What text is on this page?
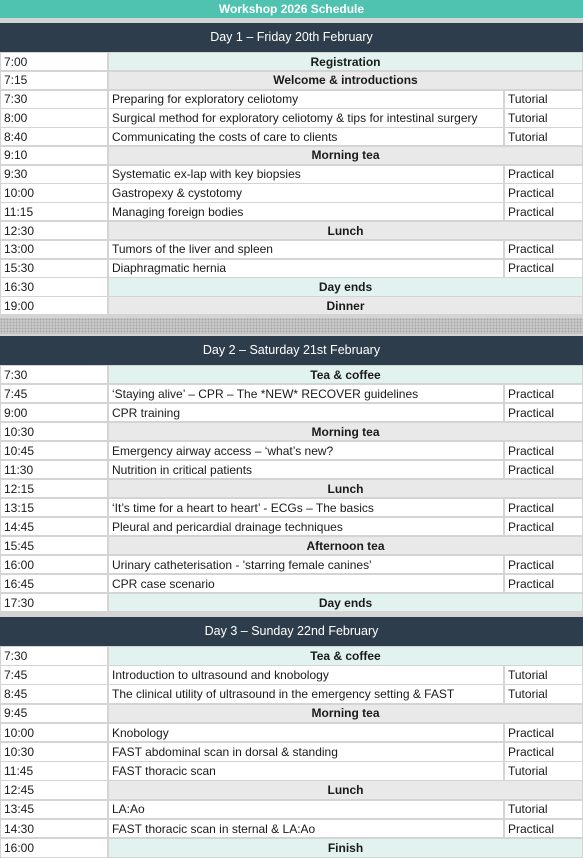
Workshop 2026 Schedule
Day 1 – Friday 20th February
7:00	Registration
7:15	Welcome & introductions
7:30	Preparing for exploratory celiotomy	Tutorial
8:00	Surgical method for exploratory celiotomy & tips for intestinal surgery	Tutorial
8:40	Communicating the costs of care to clients	Tutorial
9:10	Morning tea
9:30	Systematic ex-lap with key biopsies	Practical
10:00	Gastropexy & cystotomy	Practical
11:15	Managing foreign bodies	Practical
12:30	Lunch
13:00	Tumors of the liver and spleen	Practical
15:30	Diaphragmatic hernia	Practical
16:30	Day ends
19:00	Dinner
Day 2 – Saturday 21st February
7:30	Tea & coffee
7:45	‘Staying alive’ – CPR – The *NEW* RECOVER guidelines	Practical
9:00	CPR training	Practical
10:30	Morning tea
10:45	Emergency airway access – ‘what’s new?	Practical
11:30	Nutrition in critical patients	Practical
12:15	Lunch
13:15	‘It’s time for a heart to heart’ - ECGs – The basics	Practical
14:45	Pleural and pericardial drainage techniques	Practical
15:45	Afternoon tea
16:00	Urinary catheterisation - 'starring female canines'	Practical
16:45	CPR case scenario	Practical
17:30	Day ends
Day 3 – Sunday 22nd February
7:30	Tea & coffee
7:45	Introduction to ultrasound and knobology	Tutorial
8:45	The clinical utility of ultrasound in the emergency setting & FAST	Tutorial
9:45	Morning tea
10:00	Knobology	Practical
10:30	FAST abdominal scan in dorsal & standing	Practical
11:45	FAST thoracic scan	Tutorial
12:45	Lunch
13:45	LA:Ao	Tutorial
14:30	FAST thoracic scan in sternal & LA:Ao	Practical
16:00	Finish
